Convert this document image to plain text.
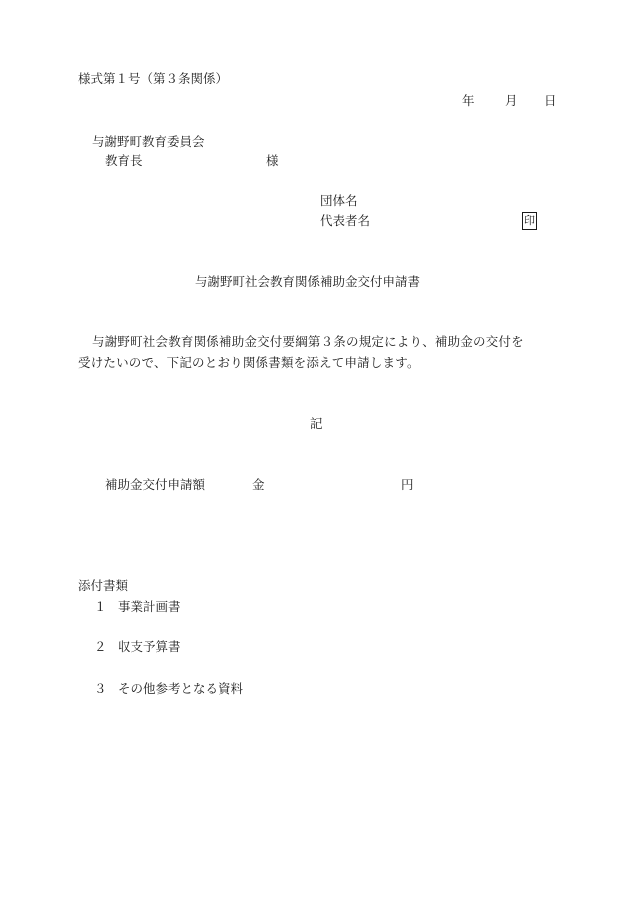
様式第１号（第３条関係）
年 月 日
与謝野町教育委員会
教育長	様
団体名
代表者名	印
与謝野町社会教育関係補助金交付申請書
与謝野町社会教育関係補助金交付要綱第３条の規定により、補助金の交付を
受けたいので、下記のとおり関係書類を添えて申請します。
記
補助金交付申請額	金	円
添付書類
１ 事業計画書
２ 収支予算書
３ その他参考となる資料
